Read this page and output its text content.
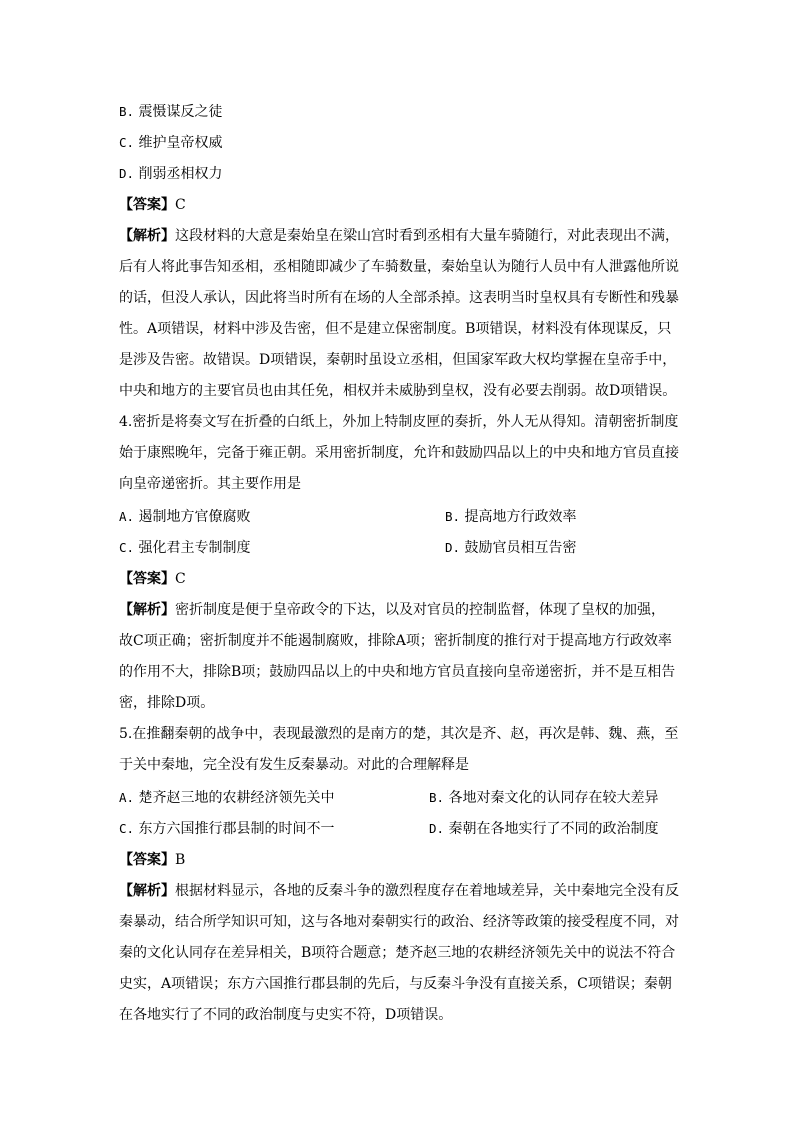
B. 震慑谋反之徒
C. 维护皇帝权威
D. 削弱丞相权力
【答案】C
【解析】这段材料的大意是秦始皇在梁山宫时看到丞相有大量车骑随行，对此表现出不满，
后有人将此事告知丞相，丞相随即减少了车骑数量，秦始皇认为随行人员中有人泄露他所说
的话，但没人承认，因此将当时所有在场的人全部杀掉。这表明当时皇权具有专断性和残暴
性。A项错误，材料中涉及告密，但不是建立保密制度。B项错误，材料没有体现谋反，只
是涉及告密。故错误。D项错误，秦朝时虽设立丞相，但国家军政大权均掌握在皇帝手中，
中央和地方的主要官员也由其任免，相权并未威胁到皇权，没有必要去削弱。故D项错误。
4.密折是将奏文写在折叠的白纸上，外加上特制皮匣的奏折，外人无从得知。清朝密折制度
始于康熙晚年，完备于雍正朝。采用密折制度，允许和鼓励四品以上的中央和地方官员直接
向皇帝递密折。其主要作用是
A. 遏制地方官僚腐败	B. 提高地方行政效率
C. 强化君主专制制度	D. 鼓励官员相互告密
【答案】C
【解析】密折制度是便于皇帝政令的下达，以及对官员的控制监督，体现了皇权的加强，
故C项正确；密折制度并不能遏制腐败，排除A项；密折制度的推行对于提高地方行政效率
的作用不大，排除B项；鼓励四品以上的中央和地方官员直接向皇帝递密折，并不是互相告
密，排除D项。
5.在推翻秦朝的战争中，表现最激烈的是南方的楚，其次是齐、赵，再次是韩、魏、燕，至
于关中秦地，完全没有发生反秦暴动。对此的合理解释是
A. 楚齐赵三地的农耕经济领先关中	B. 各地对秦文化的认同存在较大差异
C. 东方六国推行郡县制的时间不一	D. 秦朝在各地实行了不同的政治制度
【答案】B
【解析】根据材料显示，各地的反秦斗争的激烈程度存在着地域差异，关中秦地完全没有反
秦暴动，结合所学知识可知，这与各地对秦朝实行的政治、经济等政策的接受程度不同，对
秦的文化认同存在差异相关，B项符合题意；楚齐赵三地的农耕经济领先关中的说法不符合
史实，A项错误；东方六国推行郡县制的先后，与反秦斗争没有直接关系，C项错误；秦朝
在各地实行了不同的政治制度与史实不符，D项错误。
